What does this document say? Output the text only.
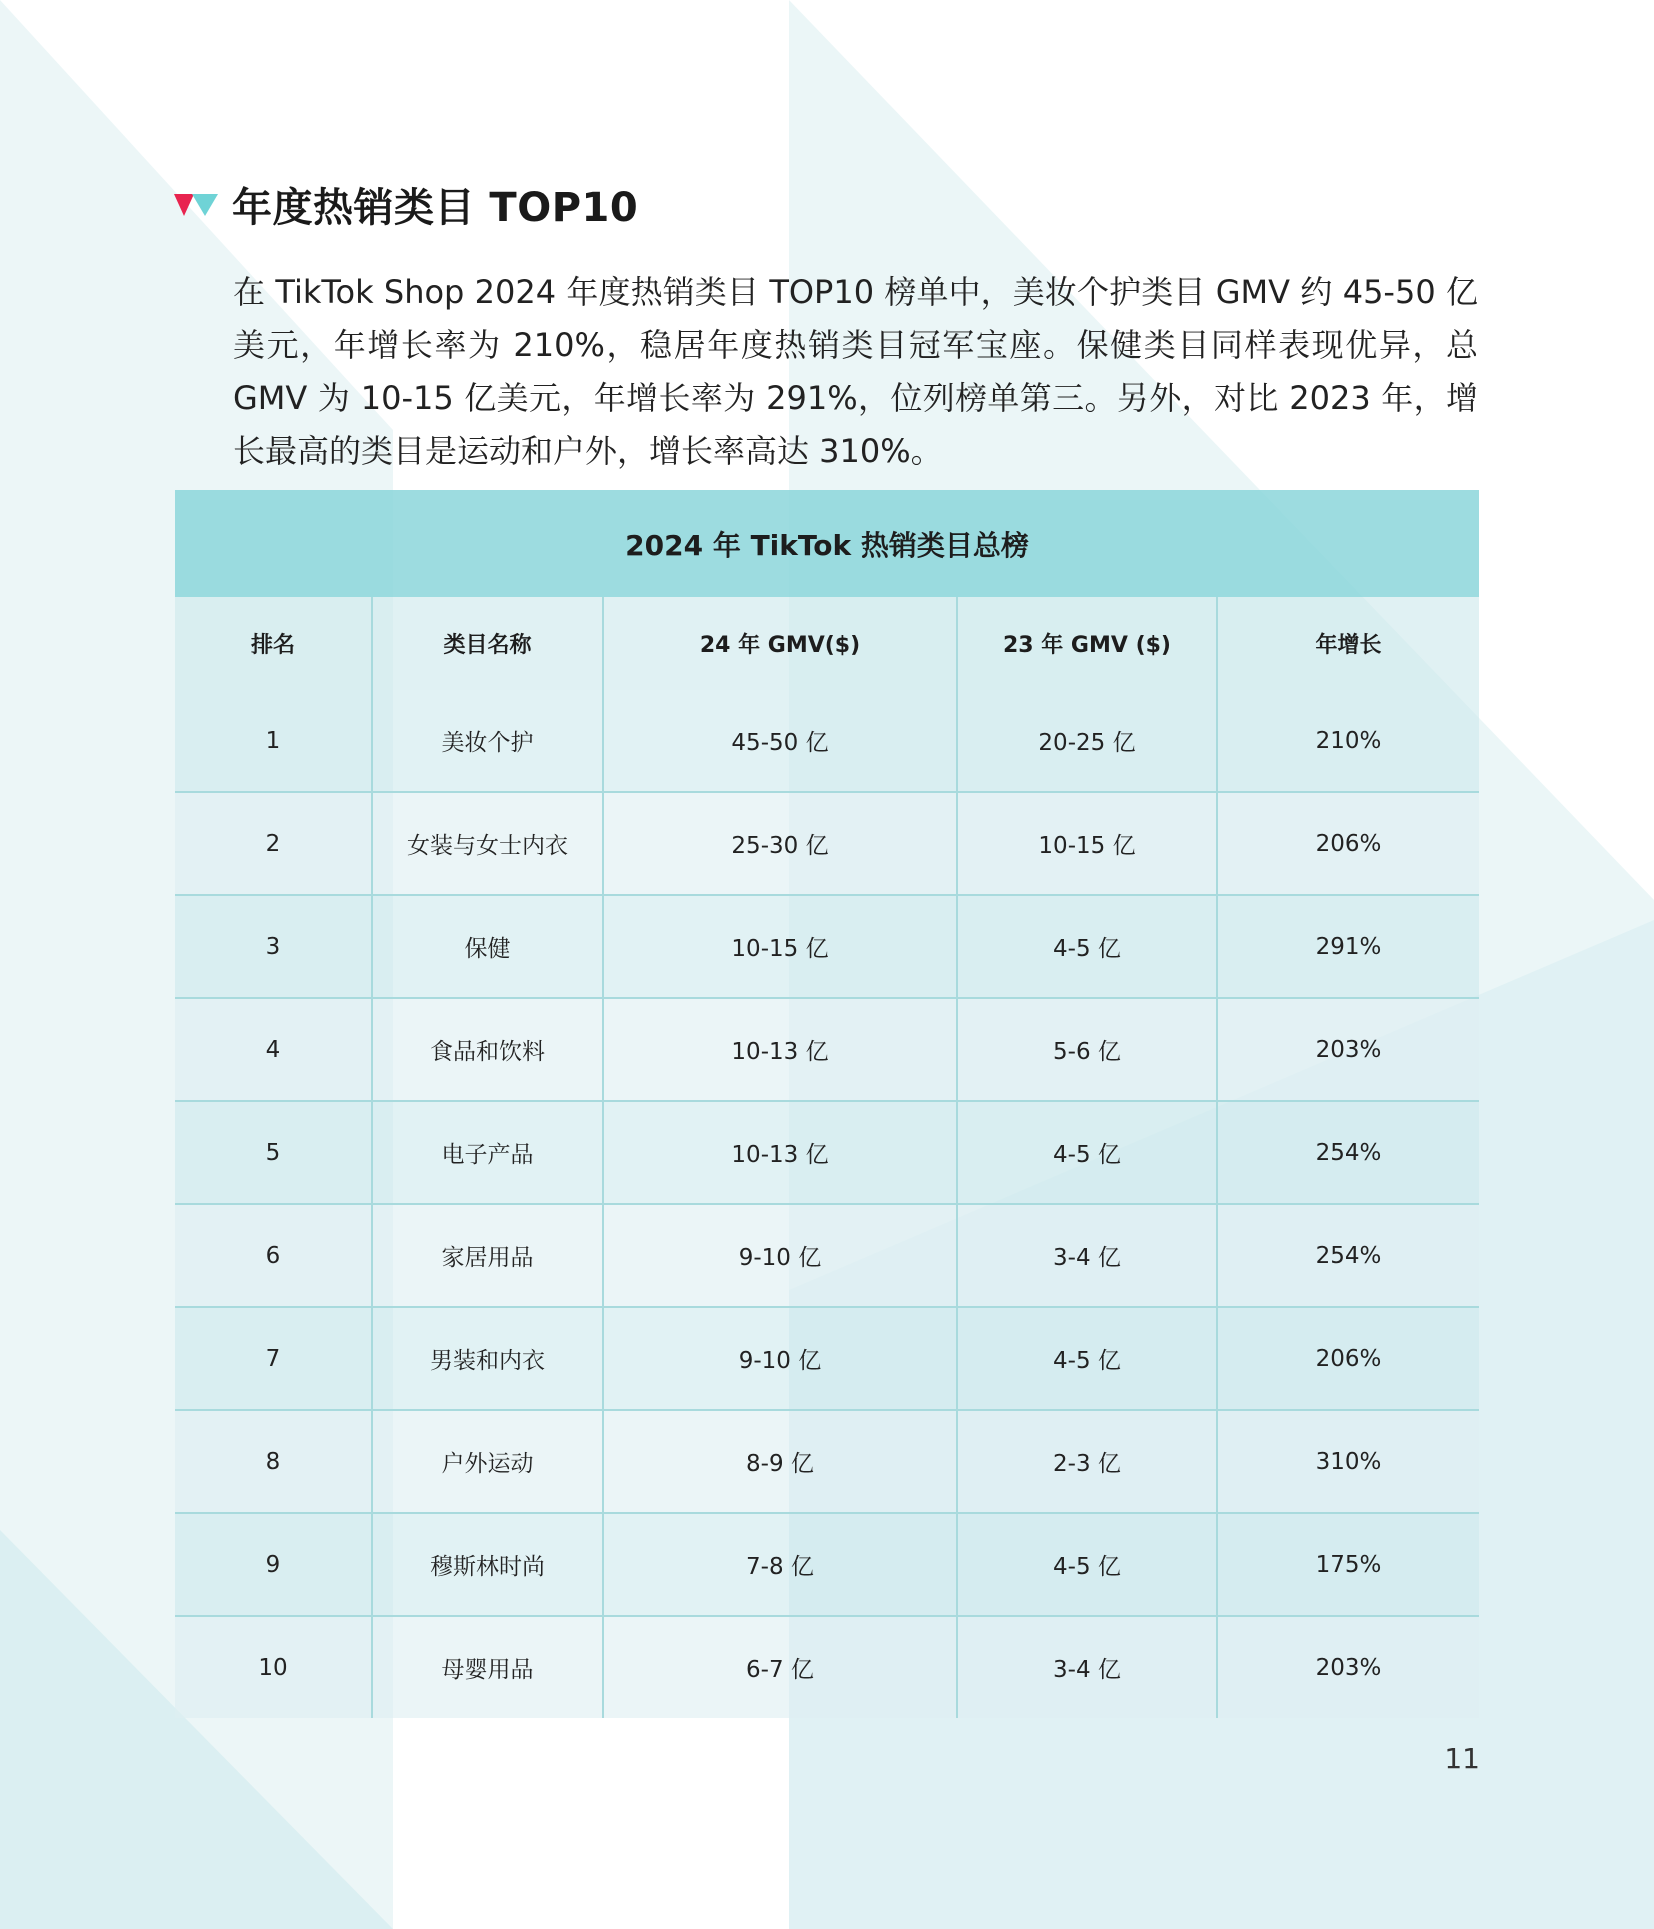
年度热销类目 TOP10

在 TikTok Shop 2024 年度热销类目 TOP10 榜单中，美妆个护类目 GMV 约 45-50 亿美元，年增长率为 210%，稳居年度热销类目冠军宝座。保健类目同样表现优异，总 GMV 为 10-15 亿美元，年增长率为 291%，位列榜单第三。另外，对比 2023 年，增长最高的类目是运动和户外，增长率高达 310%。

2024 年 TikTok 热销类目总榜				
排名	类目名称	24 年 GMV($)	23 年 GMV ($)	年增长
1	美妆个护	45-50 亿	20-25 亿	210%
2	女装与女士内衣	25-30 亿	10-15 亿	206%
3	保健	10-15 亿	4-5 亿	291%
4	食品和饮料	10-13 亿	5-6 亿	203%
5	电子产品	10-13 亿	4-5 亿	254%
6	家居用品	9-10 亿	3-4 亿	254%
7	男装和内衣	9-10 亿	4-5 亿	206%
8	户外运动	8-9 亿	2-3 亿	310%
9	穆斯林时尚	7-8 亿	4-5 亿	175%
10	母婴用品	6-7 亿	3-4 亿	203%
11
